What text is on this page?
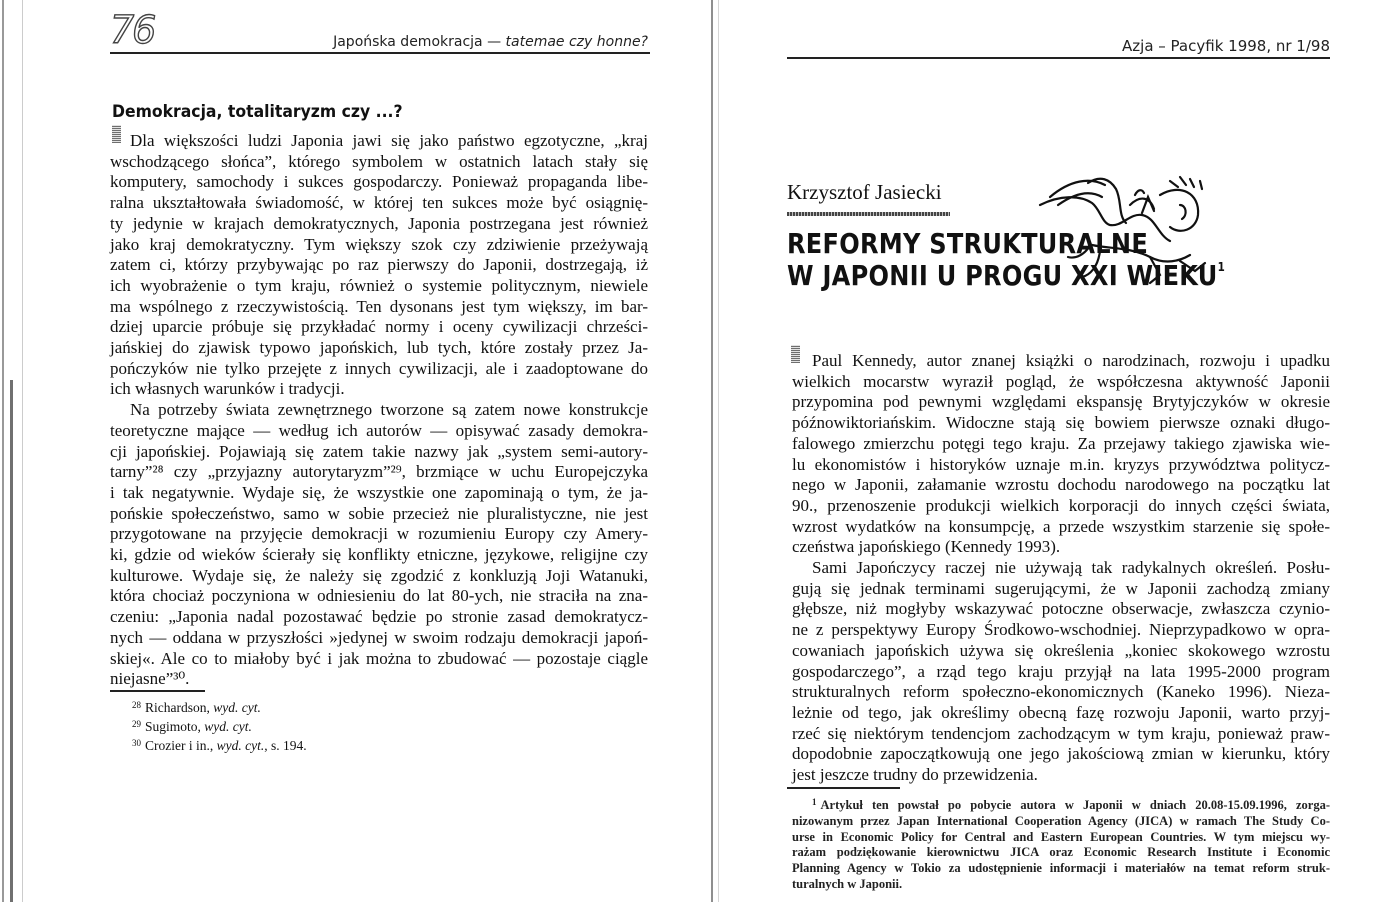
76	Japońska demokracja — tatemae czy honne?
Demokracja, totalitaryzm czy ...?
Dla większości ludzi Japonia jawi się jako państwo egzotyczne, „kraj
wschodzącego słońca”, którego symbolem w ostatnich latach stały się
komputery, samochody i sukces gospodarczy. Ponieważ propaganda libe-
ralna ukształtowała świadomość, w której ten sukces może być osiągnię-
ty jedynie w krajach demokratycznych, Japonia postrzegana jest również
jako kraj demokratyczny. Tym większy szok czy zdziwienie przeżywają
zatem ci, którzy przybywając po raz pierwszy do Japonii, dostrzegają, iż
ich wyobrażenie o tym kraju, również o systemie politycznym, niewiele
ma wspólnego z rzeczywistością. Ten dysonans jest tym większy, im bar-
dziej uparcie próbuje się przykładać normy i oceny cywilizacji chrześci-
jańskiej do zjawisk typowo japońskich, lub tych, które zostały przez Ja-
pończyków nie tylko przejęte z innych cywilizacji, ale i zaadoptowane do
ich własnych warunków i tradycji.
Na potrzeby świata zewnętrznego tworzone są zatem nowe konstrukcje
teoretyczne mające — według ich autorów — opisywać zasady demokra-
cji japońskiej. Pojawiają się zatem takie nazwy jak „system semi-autory-
tarny”²⁸ czy „przyjazny autorytaryzm”²⁹, brzmiące w uchu Europejczyka
i tak negatywnie. Wydaje się, że wszystkie one zapominają o tym, że ja-
pońskie społeczeństwo, samo w sobie przecież nie pluralistyczne, nie jest
przygotowane na przyjęcie demokracji w rozumieniu Europy czy Amery-
ki, gdzie od wieków ścierały się konflikty etniczne, językowe, religijne czy
kulturowe. Wydaje się, że należy się zgodzić z konkluzją Joji Watanuki,
która chociaż poczyniona w odniesieniu do lat 80-ych, nie straciła na zna-
czeniu: „Japonia nadal pozostawać będzie po stronie zasad demokratycz-
nych — oddana w przyszłości »jedynej w swoim rodzaju demokracji japoń-
skiej«. Ale co to miałoby być i jak można to zbudować — pozostaje ciągle
niejasne”³⁰.
$^{28}$ Richardson, wyd. cyt.
$^{29}$ Sugimoto, wyd. cyt.
$^{30}$ Crozier i in., wyd. cyt., s. 194.
Azja – Pacyfik 1998, nr 1/98
Krzysztof Jasiecki
REFORMY STRUKTURALNE
W JAPONII U PROGU XXI WIEKU$^1$
Paul Kennedy, autor znanej książki o narodzinach, rozwoju i upadku
wielkich mocarstw wyraził pogląd, że współczesna aktywność Japonii
przypomina pod pewnymi względami ekspansję Brytyjczyków w okresie
późnowiktoriańskim. Widoczne stają się bowiem pierwsze oznaki długo-
falowego zmierzchu potęgi tego kraju. Za przejawy takiego zjawiska wie-
lu ekonomistów i historyków uznaje m.in. kryzys przywództwa politycz-
nego w Japonii, załamanie wzrostu dochodu narodowego na początku lat
90., przenoszenie produkcji wielkich korporacji do innych części świata,
wzrost wydatków na konsumpcję, a przede wszystkim starzenie się społe-
czeństwa japońskiego (Kennedy 1993).
Sami Japończycy raczej nie używają tak radykalnych określeń. Posłu-
gują się jednak terminami sugerującymi, że w Japonii zachodzą zmiany
głębsze, niż mogłyby wskazywać potoczne obserwacje, zwłaszcza czynio-
ne z perspektywy Europy Środkowo-wschodniej. Nieprzypadkowo w opra-
cowaniach japońskich używa się określenia „koniec skokowego wzrostu
gospodarczego”, a rząd tego kraju przyjął na lata 1995-2000 program
strukturalnych reform społeczno-ekonomicznych (Kaneko 1996). Nieza-
leżnie od tego, jak określimy obecną fazę rozwoju Japonii, warto przyj-
rzeć się niektórym tendencjom zachodzącym w tym kraju, ponieważ praw-
dopodobnie zapoczątkowują one jego jakościową zmian w kierunku, który
jest jeszcze trudny do przewidzenia.
$^1$ Artykuł ten powstał po pobycie autora w Japonii w dniach 20.08-15.09.1996, zorga-
nizowanym przez Japan International Cooperation Agency (JICA) w ramach The Study Co-
urse in Economic Policy for Central and Eastern European Countries. W tym miejscu wy-
rażam podziękowanie kierownictwu JICA oraz Economic Research Institute i Economic
Planning Agency w Tokio za udostępnienie informacji i materiałów na temat reform struk-
turalnych w Japonii.
